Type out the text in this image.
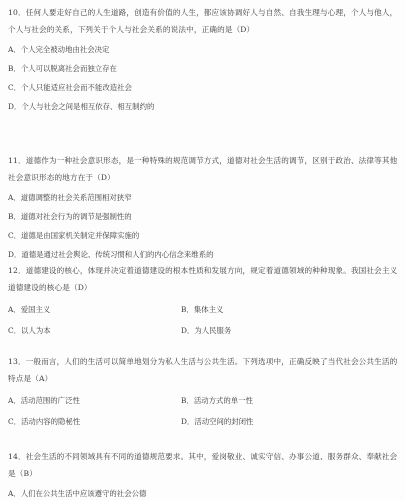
10．任何人要走好自己的人生道路，创造有价值的人生，都应该协调好人与自然、自我生理与心理，个人与他人，个人与社会的关系，下列关于个人与社会关系的说法中，正确的是（D）
A．个人完全被动地由社会决定
B．个人可以脱离社会而独立存在
C．个人只能适应社会而不能改造社会
D．个人与社会之间是相互依存、相互制约的
11．道德作为一种社会意识形态，是一种特殊的规范调节方式，道德对社会生活的调节，区别于政治、法律等其他社会意识形态的地方在于（D）
A．道德调整的社会关系范围相对狭窄
B．道德对社会行为的调节是强制性的
C．道德是由国家机关制定并保障实施的
D．道德是通过社会舆论、传统习惯和人们的内心信念来维系的
12．道德建设的核心，体现并决定着道德建设的根本性质和发展方向，规定着道德领域的种种现象。我国社会主义道德建设的核心是（D）
A．爱国主义	B．集体主义
C．以人为本	D．为人民服务
13．一般而言，人们的生活可以简单地划分为私人生活与公共生活。下列选项中，正确反映了当代社会公共生活的特点是（A）
A．活动范围的广泛性	B．活动方式的单一性
C．活动内容的隐秘性	D．活动空间的封闭性
14．社会生活的不同领域具有不同的道德规范要求。其中，爱岗敬业、诚实守信、办事公道、服务群众、奉献社会是（B）
A．人们在公共生活中应该遵守的社会公德
